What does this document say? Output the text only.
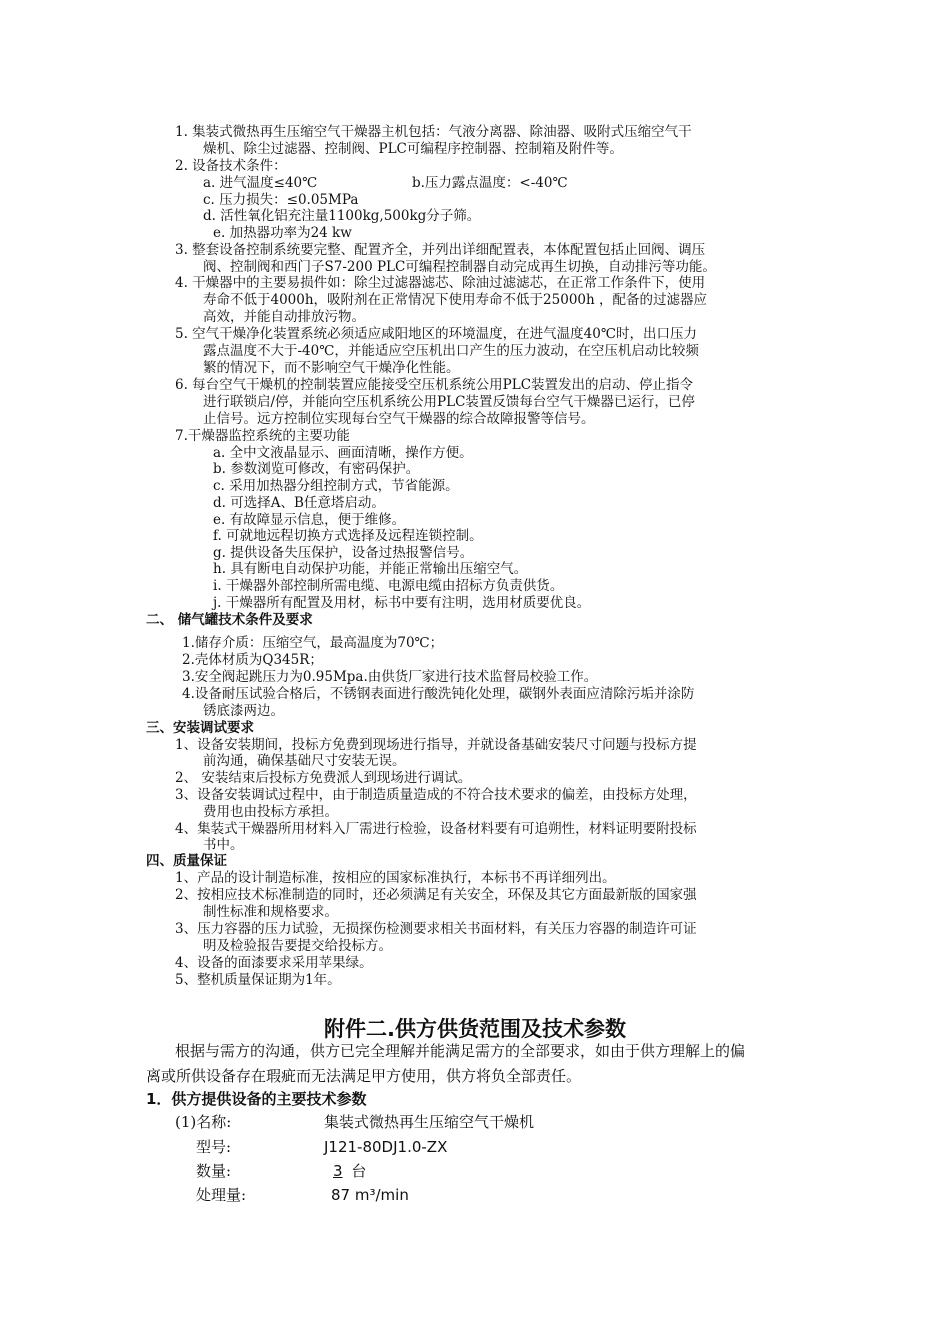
1. 集装式微热再生压缩空气干燥器主机包括：气液分离器、除油器、吸附式压缩空气干
燥机、除尘过滤器、控制阀、PLC可编程序控制器、控制箱及附件等。
2. 设备技术条件：
a. 进气温度≤40℃	b.压力露点温度：<-40℃
c. 压力损失：≤0.05MPa
d. 活性氧化铝充注量1100kg,500kg分子筛。
e. 加热器功率为24 kw
3. 整套设备控制系统要完整、配置齐全，并列出详细配置表，本体配置包括止回阀、调压
阀、控制阀和西门子S7-200 PLC可编程控制器自动完成再生切换，自动排污等功能。
4. 干燥器中的主要易损件如：除尘过滤器滤芯、除油过滤滤芯，在正常工作条件下，使用
寿命不低于4000h，吸附剂在正常情况下使用寿命不低于25000h ，配备的过滤器应
高效，并能自动排放污物。
5. 空气干燥净化装置系统必须适应咸阳地区的环境温度，在进气温度40℃时，出口压力
露点温度不大于-40℃，并能适应空压机出口产生的压力波动，在空压机启动比较频
繁的情况下，而不影响空气干燥净化性能。
6. 每台空气干燥机的控制装置应能接受空压机系统公用PLC装置发出的启动、停止指令
进行联锁启/停，并能向空压机系统公用PLC装置反馈每台空气干燥器已运行，已停
止信号。远方控制位实现每台空气干燥器的综合故障报警等信号。
7.干燥器监控系统的主要功能
a. 全中文液晶显示、画面清晰，操作方便。
b. 参数浏览可修改，有密码保护。
c. 采用加热器分组控制方式，节省能源。
d. 可选择A、B任意塔启动。
e. 有故障显示信息，便于维修。
f. 可就地远程切换方式选择及远程连锁控制。
g. 提供设备失压保护，设备过热报警信号。
h. 具有断电自动保护功能，并能正常输出压缩空气。
i. 干燥器外部控制所需电缆、电源电缆由招标方负责供货。
j. 干燥器所有配置及用材，标书中要有注明，选用材质要优良。
二、 储气罐技术条件及要求
1.储存介质：压缩空气，最高温度为70℃；
2.壳体材质为Q345R；
3.安全阀起跳压力为0.95Mpa.由供货厂家进行技术监督局校验工作。
4.设备耐压试验合格后，不锈钢表面进行酸洗钝化处理，碳钢外表面应清除污垢并涂防
锈底漆两边。
三、安装调试要求
1、设备安装期间，投标方免费到现场进行指导，并就设备基础安装尺寸问题与投标方提
前沟通，确保基础尺寸安装无误。
2、 安装结束后投标方免费派人到现场进行调试。
3、设备安装调试过程中，由于制造质量造成的不符合技术要求的偏差，由投标方处理，
费用也由投标方承担。
4、集装式干燥器所用材料入厂需进行检验，设备材料要有可追朔性，材料证明要附投标
书中。
四、质量保证
1、产品的设计制造标准，按相应的国家标准执行，本标书不再详细列出。
2、按相应技术标准制造的同时，还必须满足有关安全，环保及其它方面最新版的国家强
制性标准和规格要求。
3、压力容器的压力试验，无损探伤检测要求相关书面材料，有关压力容器的制造许可证
明及检验报告要提交给投标方。
4、设备的面漆要求采用苹果绿。
5、整机质量保证期为1年。
附件二.供方供货范围及技术参数
根据与需方的沟通，供方已完全理解并能满足需方的全部要求，如由于供方理解上的偏
离或所供设备存在瑕疵而无法满足甲方使用，供方将负全部责任。
1．供方提供设备的主要技术参数
(1)名称:	集装式微热再生压缩空气干燥机
型号:	J121-80DJ1.0-ZX
数量:	3 台
处理量:	87 m³/min
